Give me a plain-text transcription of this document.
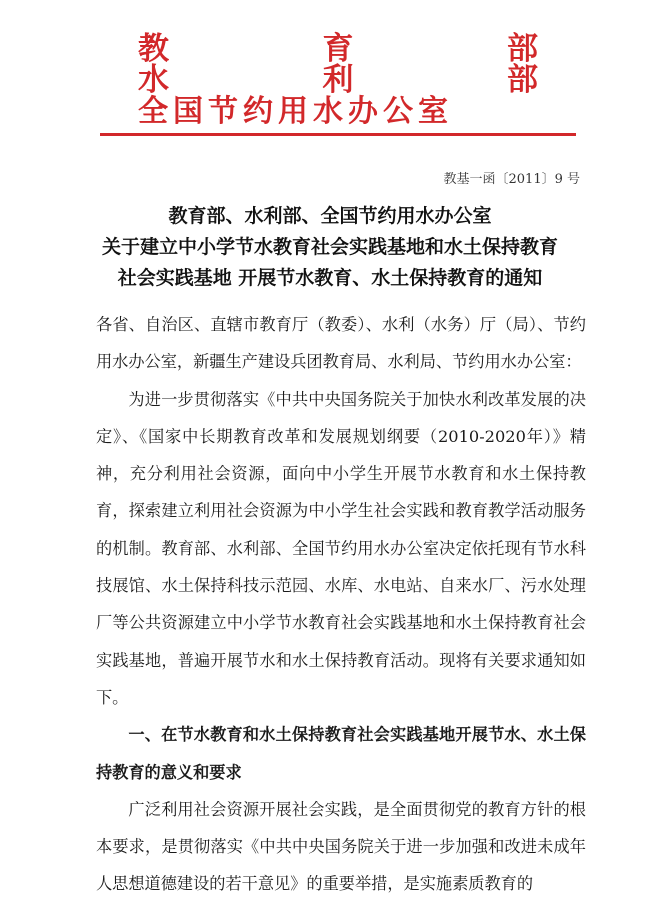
教	育	部
水	利	部
全国节约用水办公室
教基一函〔2011〕9 号
教育部、水利部、全国节约用水办公室
关于建立中小学节水教育社会实践基地和水土保持教育
社会实践基地 开展节水教育、水土保持教育的通知

各省、自治区、直辖市教育厅（教委）、水利（水务）厅（局）、节约用水办公室，新疆生产建设兵团教育局、水利局、节约用水办公室：

为进一步贯彻落实《中共中央国务院关于加快水利改革发展的决定》、《国家中长期教育改革和发展规划纲要（2010-2020年）》精神，充分利用社会资源，面向中小学生开展节水教育和水土保持教育，探索建立利用社会资源为中小学生社会实践和教育教学活动服务的机制。教育部、水利部、全国节约用水办公室决定依托现有节水科技展馆、水土保持科技示范园、水库、水电站、自来水厂、污水处理厂等公共资源建立中小学节水教育社会实践基地和水土保持教育社会实践基地，普遍开展节水和水土保持教育活动。现将有关要求通知如下。

一、在节水教育和水土保持教育社会实践基地开展节水、水土保持教育的意义和要求

广泛利用社会资源开展社会实践，是全面贯彻党的教育方针的根本要求，是贯彻落实《中共中央国务院关于进一步加强和改进未成年人思想道德建设的若干意见》的重要举措，是实施素质教育的
